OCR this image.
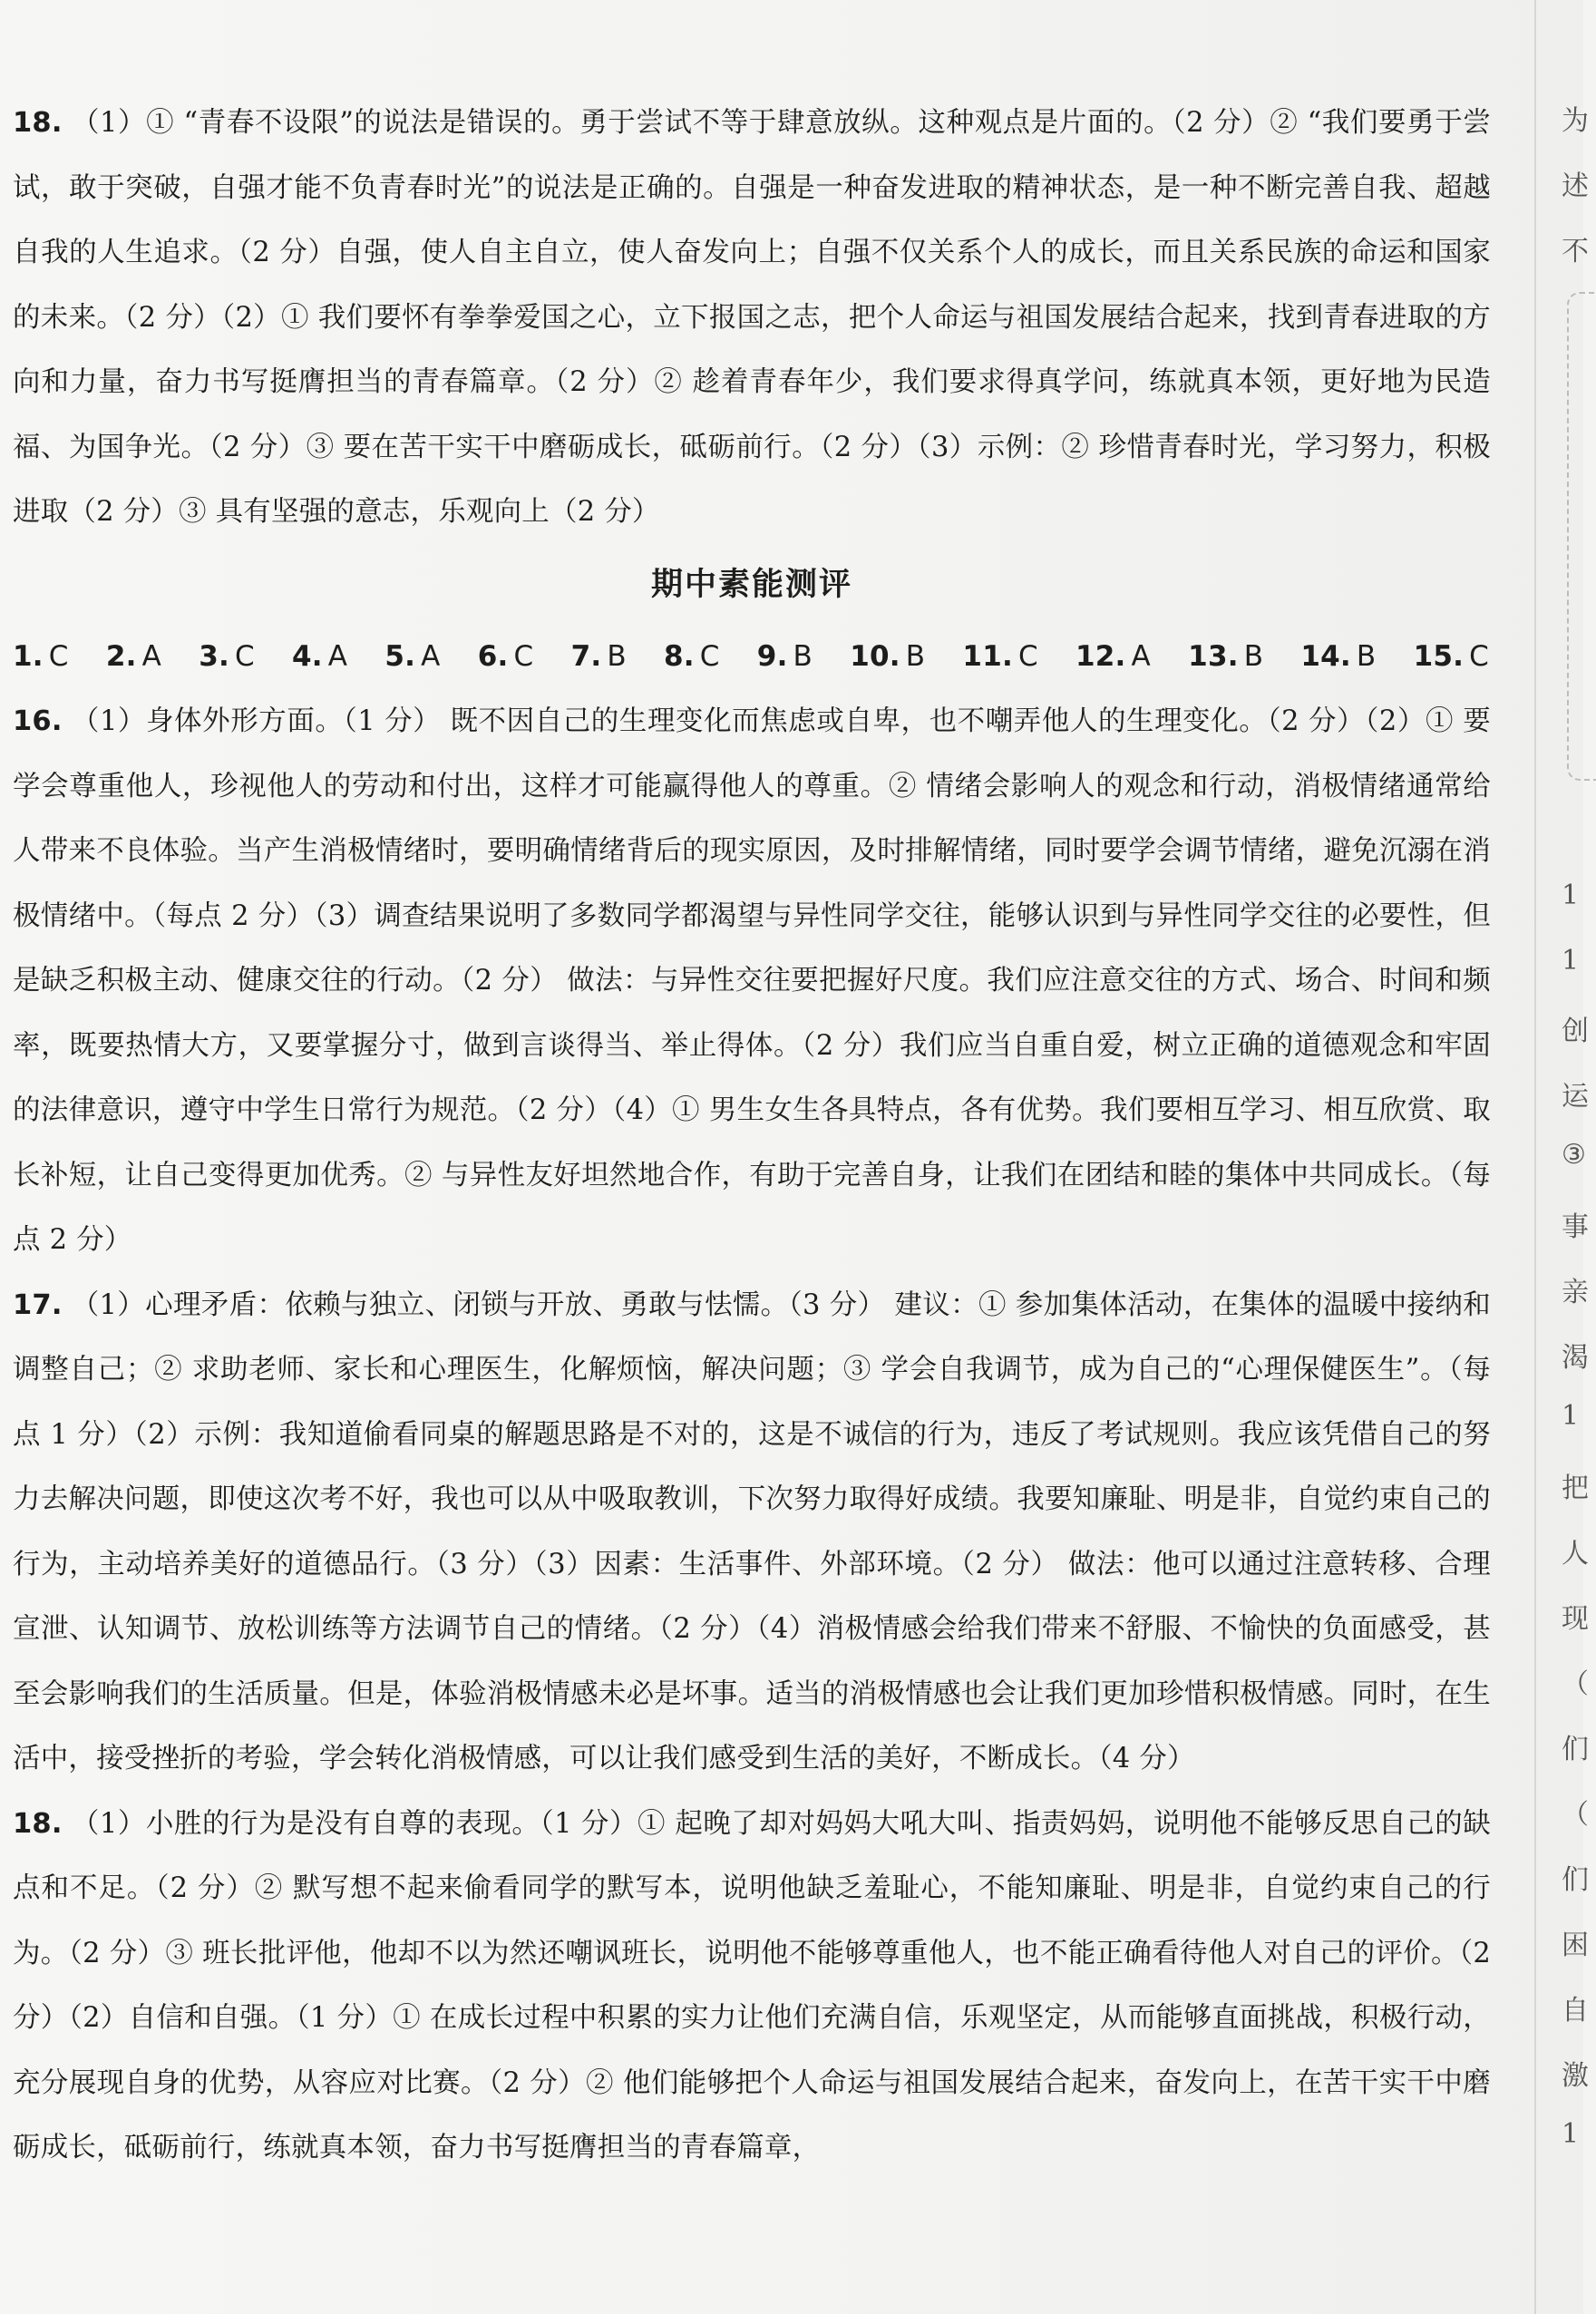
18. （1）① “青春不设限”的说法是错误的。勇于尝试不等于肆意放纵。这种观点是片面的。（2 分）② “我们要勇于尝试，敢于突破，自强才能不负青春时光”的说法是正确的。自强是一种奋发进取的精神状态，是一种不断完善自我、超越自我的人生追求。（2 分）自强，使人自主自立，使人奋发向上；自强不仅关系个人的成长，而且关系民族的命运和国家的未来。（2 分）（2）① 我们要怀有拳拳爱国之心，立下报国之志，把个人命运与祖国发展结合起来，找到青春进取的方向和力量，奋力书写挺膺担当的青春篇章。（2 分）② 趁着青春年少，我们要求得真学问，练就真本领，更好地为民造福、为国争光。（2 分）③ 要在苦干实干中磨砺成长，砥砺前行。（2 分）（3）示例：② 珍惜青春时光，学习努力，积极进取（2 分）③ 具有坚强的意志，乐观向上（2 分）

期中素能测评
1. C 2. A 3. C 4. A 5. A 6. C 7. B 8. C 9. B 10. B 11. C 12. A 13. B 14. B 15. C

16. （1）身体外形方面。（1 分） 既不因自己的生理变化而焦虑或自卑，也不嘲弄他人的生理变化。（2 分）（2）① 要学会尊重他人，珍视他人的劳动和付出，这样才可能赢得他人的尊重。② 情绪会影响人的观念和行动，消极情绪通常给人带来不良体验。当产生消极情绪时，要明确情绪背后的现实原因，及时排解情绪，同时要学会调节情绪，避免沉溺在消极情绪中。（每点 2 分）（3）调查结果说明了多数同学都渴望与异性同学交往，能够认识到与异性同学交往的必要性，但是缺乏积极主动、健康交往的行动。（2 分） 做法：与异性交往要把握好尺度。我们应注意交往的方式、场合、时间和频率，既要热情大方，又要掌握分寸，做到言谈得当、举止得体。（2 分）我们应当自重自爱，树立正确的道德观念和牢固的法律意识，遵守中学生日常行为规范。（2 分）（4）① 男生女生各具特点，各有优势。我们要相互学习、相互欣赏、取长补短，让自己变得更加优秀。② 与异性友好坦然地合作，有助于完善自身，让我们在团结和睦的集体中共同成长。（每点 2 分）

17. （1）心理矛盾：依赖与独立、闭锁与开放、勇敢与怯懦。（3 分） 建议：① 参加集体活动，在集体的温暖中接纳和调整自己；② 求助老师、家长和心理医生，化解烦恼，解决问题；③ 学会自我调节，成为自己的“心理保健医生”。（每点 1 分）（2）示例：我知道偷看同桌的解题思路是不对的，这是不诚信的行为，违反了考试规则。我应该凭借自己的努力去解决问题，即使这次考不好，我也可以从中吸取教训，下次努力取得好成绩。我要知廉耻、明是非，自觉约束自己的行为，主动培养美好的道德品行。（3 分）（3）因素：生活事件、外部环境。（2 分） 做法：他可以通过注意转移、合理宣泄、认知调节、放松训练等方法调节自己的情绪。（2 分）（4）消极情感会给我们带来不舒服、不愉快的负面感受，甚至会影响我们的生活质量。但是，体验消极情感未必是坏事。适当的消极情感也会让我们更加珍惜积极情感。同时，在生活中，接受挫折的考验，学会转化消极情感，可以让我们感受到生活的美好，不断成长。（4 分）

18. （1）小胜的行为是没有自尊的表现。（1 分）① 起晚了却对妈妈大吼大叫、指责妈妈，说明他不能够反思自己的缺点和不足。（2 分）② 默写想不起来偷看同学的默写本，说明他缺乏羞耻心，不能知廉耻、明是非，自觉约束自己的行为。（2 分）③ 班长批评他，他却不以为然还嘲讽班长，说明他不能够尊重他人，也不能正确看待他人对自己的评价。（2 分）（2）自信和自强。（1 分）① 在成长过程中积累的实力让他们充满自信，乐观坚定，从而能够直面挑战，积极行动，充分展现自身的优势，从容应对比赛。（2 分）② 他们能够把个人命运与祖国发展结合起来，奋发向上，在苦干实干中磨砺成长，砥砺前行，练就真本领，奋力书写挺膺担当的青春篇章，

为
述
不
1
1
创
运
③
事
亲
渴
1
把
人
现
（
们
（
们
困
自
激
1
